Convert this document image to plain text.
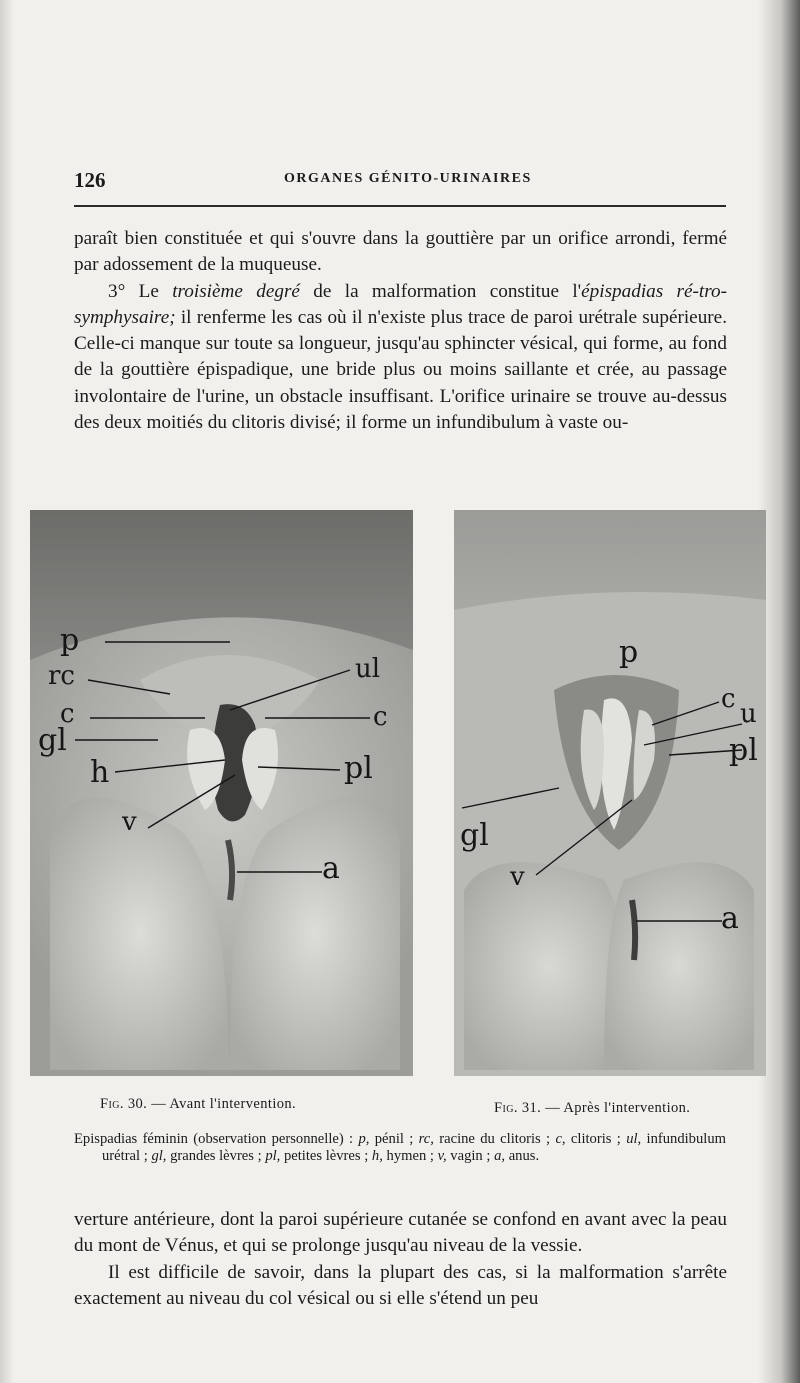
126	ORGANES GÉNITO-URINAIRES

paraît bien constituée et qui s'ouvre dans la gouttière par un orifice arrondi, fermé par adossement de la muqueuse.

3° Le troisième degré de la malformation constitue l'épispadias ré-tro-symphysaire; il renferme les cas où il n'existe plus trace de paroi urétrale supérieure. Celle-ci manque sur toute sa longueur, jusqu'au sphincter vésical, qui forme, au fond de la gouttière épispadique, une bride plus ou moins saillante et crée, au passage involontaire de l'urine, un obstacle insuffisant. L'orifice urinaire se trouve au-dessus des deux moitiés du clitoris divisé; il forme un infundibulum à vaste ou-

p
rc	ul
c	c
gl
h	pl
v
a
p
c u
pl
gl
v
a
Fig. 30. — Avant l'intervention.	Fig. 31. — Après l'intervention.

Epispadias féminin (observation personnelle) : p, pénil ; rc, racine du clitoris ; c, clitoris ; ul, infundibulum urétral ; gl, grandes lèvres ; pl, petites lèvres ; h, hymen ; v, vagin ; a, anus.

verture antérieure, dont la paroi supérieure cutanée se confond en avant avec la peau du mont de Vénus, et qui se prolonge jusqu'au niveau de la vessie.

Il est difficile de savoir, dans la plupart des cas, si la malformation s'arrête exactement au niveau du col vésical ou si elle s'étend un peu
